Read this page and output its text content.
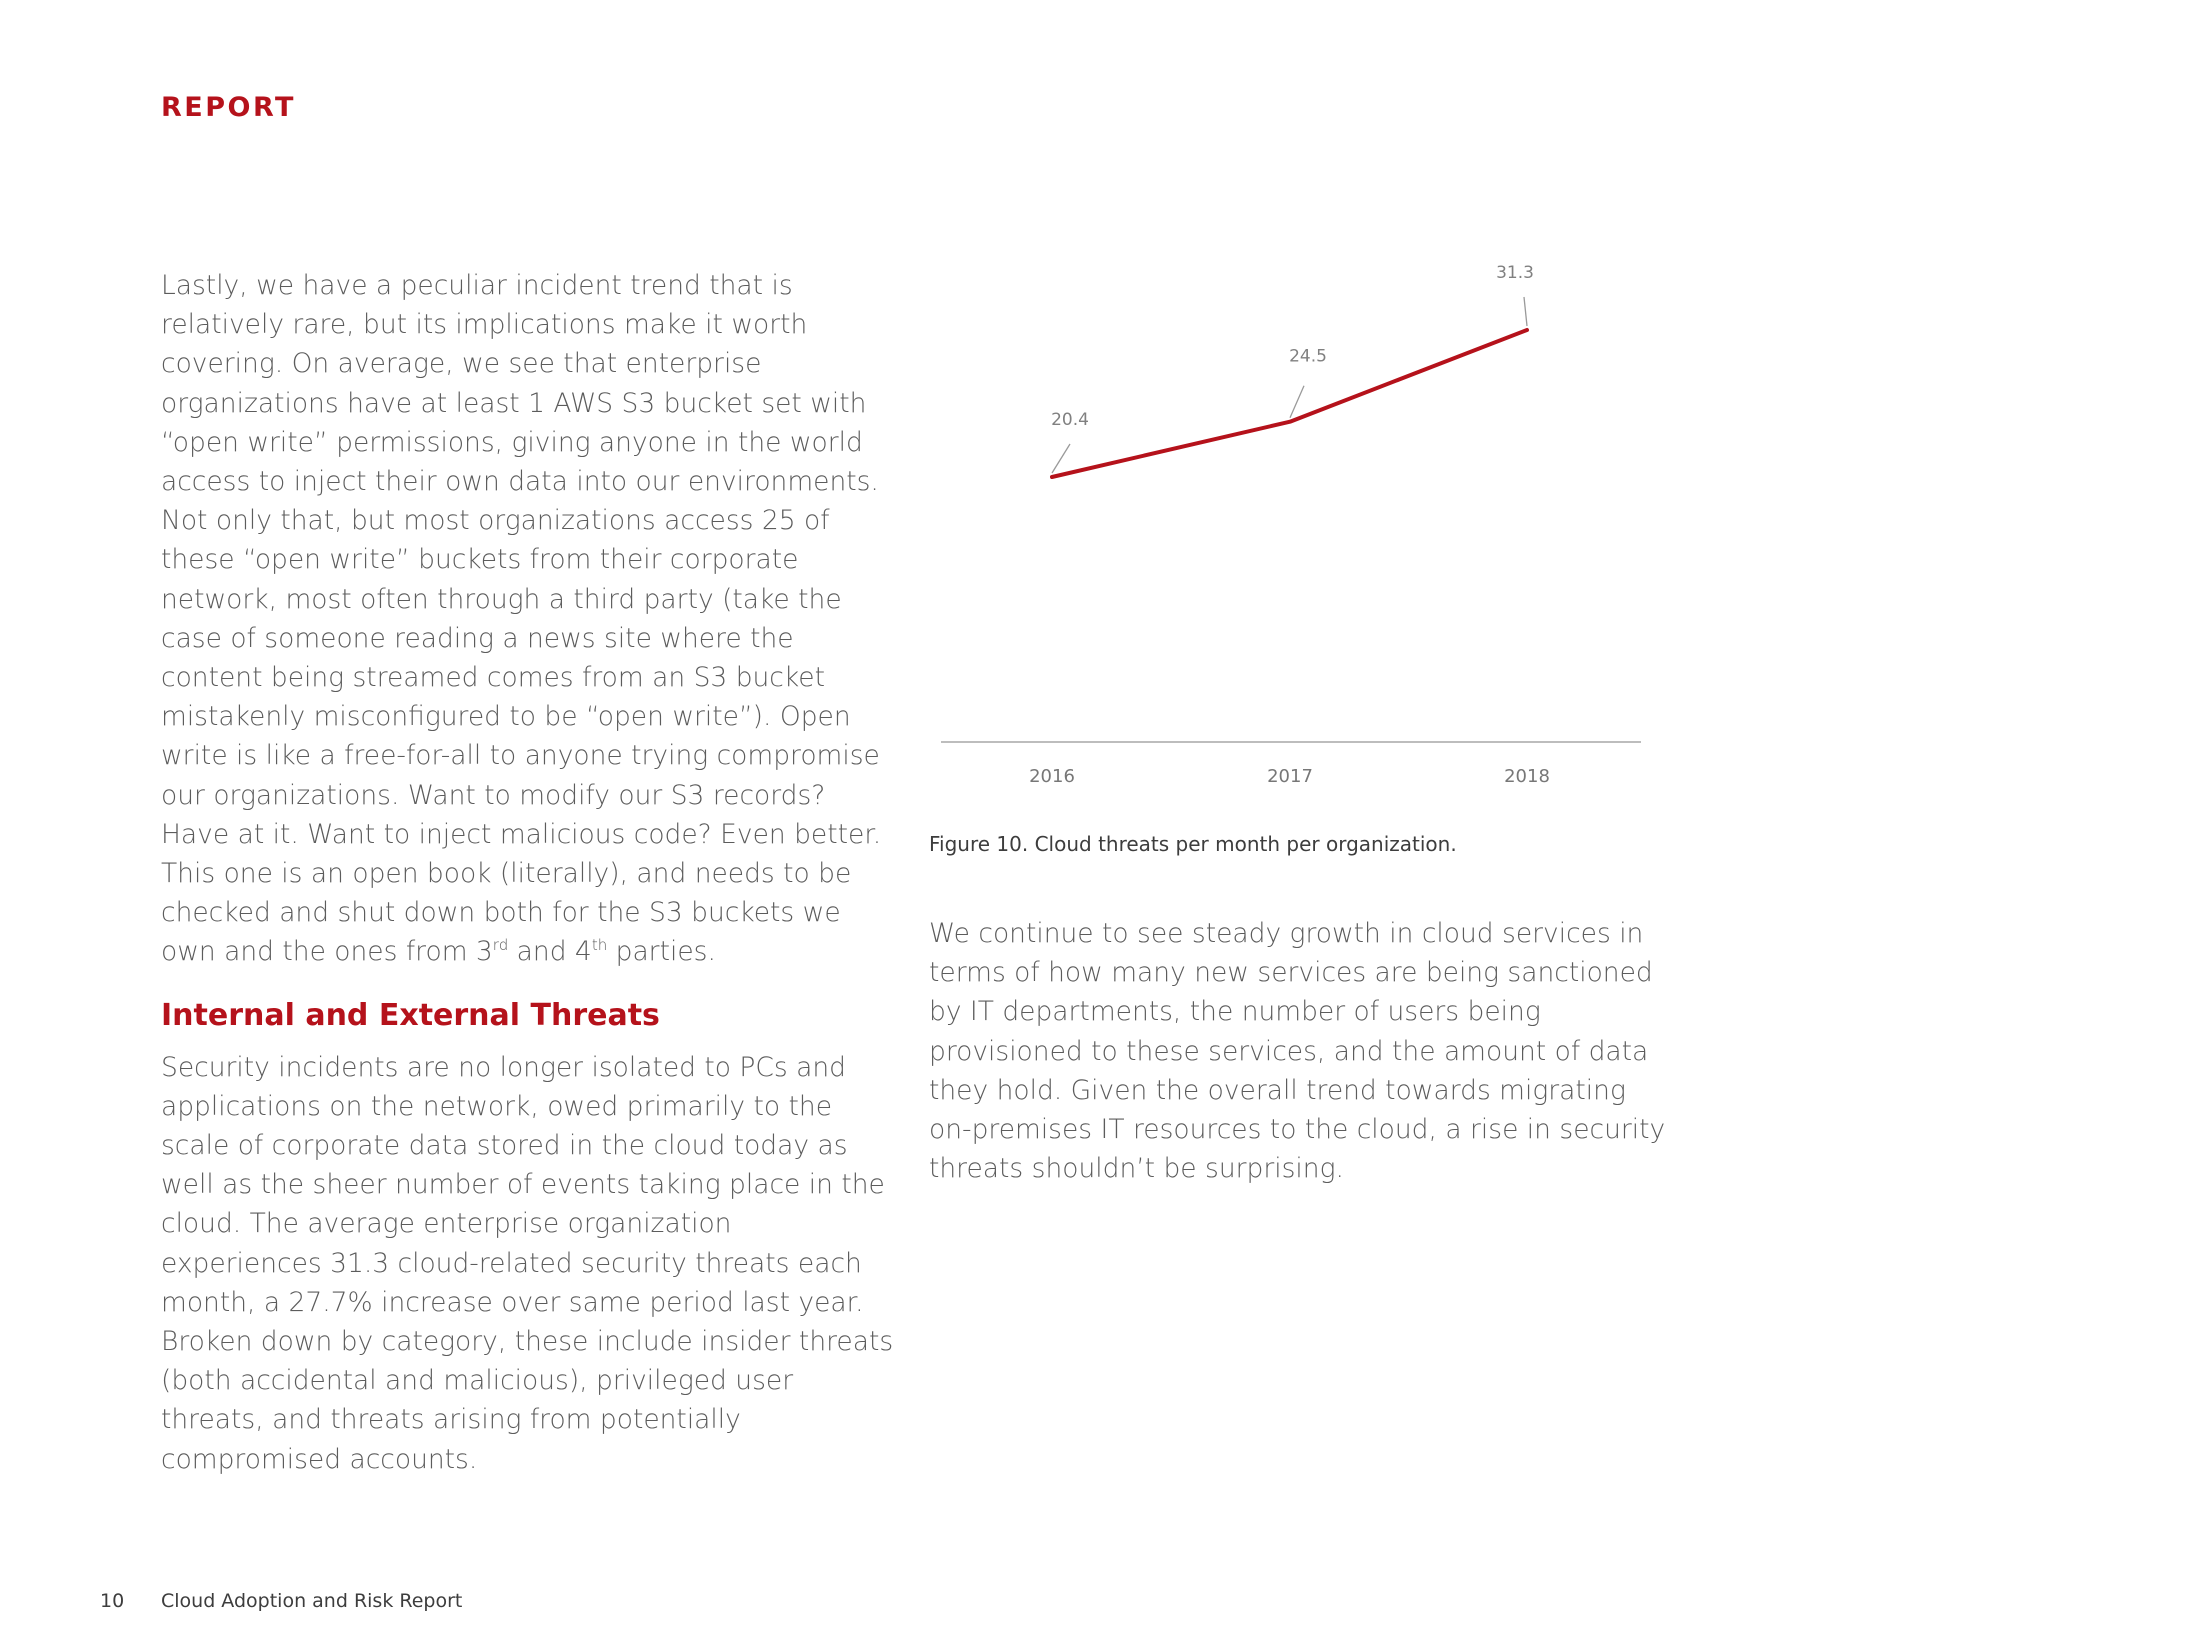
REPORT

Lastly, we have a peculiar incident trend that is relatively rare, but its implications make it worth covering. On average, we see that enterprise organizations have at least 1 AWS S3 bucket set with “open write” permissions, giving anyone in the world access to inject their own data into our environments. Not only that, but most organizations access 25 of these “open write” buckets from their corporate network, most often through a third party (take the case of someone reading a news site where the content being streamed comes from an S3 bucket mistakenly misconfigured to be “open write”). Open write is like a free-for-all to anyone trying compromise our organizations. Want to modify our S3 records? Have at it. Want to inject malicious code? Even better. This one is an open book (literally), and needs to be checked and shut down both for the S3 buckets we own and the ones from 3rd and 4th parties.

Internal and External Threats

Security incidents are no longer isolated to PCs and applications on the network, owed primarily to the scale of corporate data stored in the cloud today as well as the sheer number of events taking place in the cloud. The average enterprise organization experiences 31.3 cloud-related security threats each month, a 27.7% increase over same period last year. Broken down by category, these include insider threats (both accidental and malicious), privileged user threats, and threats arising from potentially compromised accounts.

2016	2017	2018
20.4
24.5
31.3
Figure 10. Cloud threats per month per organization.

We continue to see steady growth in cloud services in terms of how many new services are being sanctioned by IT departments, the number of users being provisioned to these services, and the amount of data they hold. Given the overall trend towards migrating on-premises IT resources to the cloud, a rise in security threats shouldn’t be surprising.

10 Cloud Adoption and Risk Report
